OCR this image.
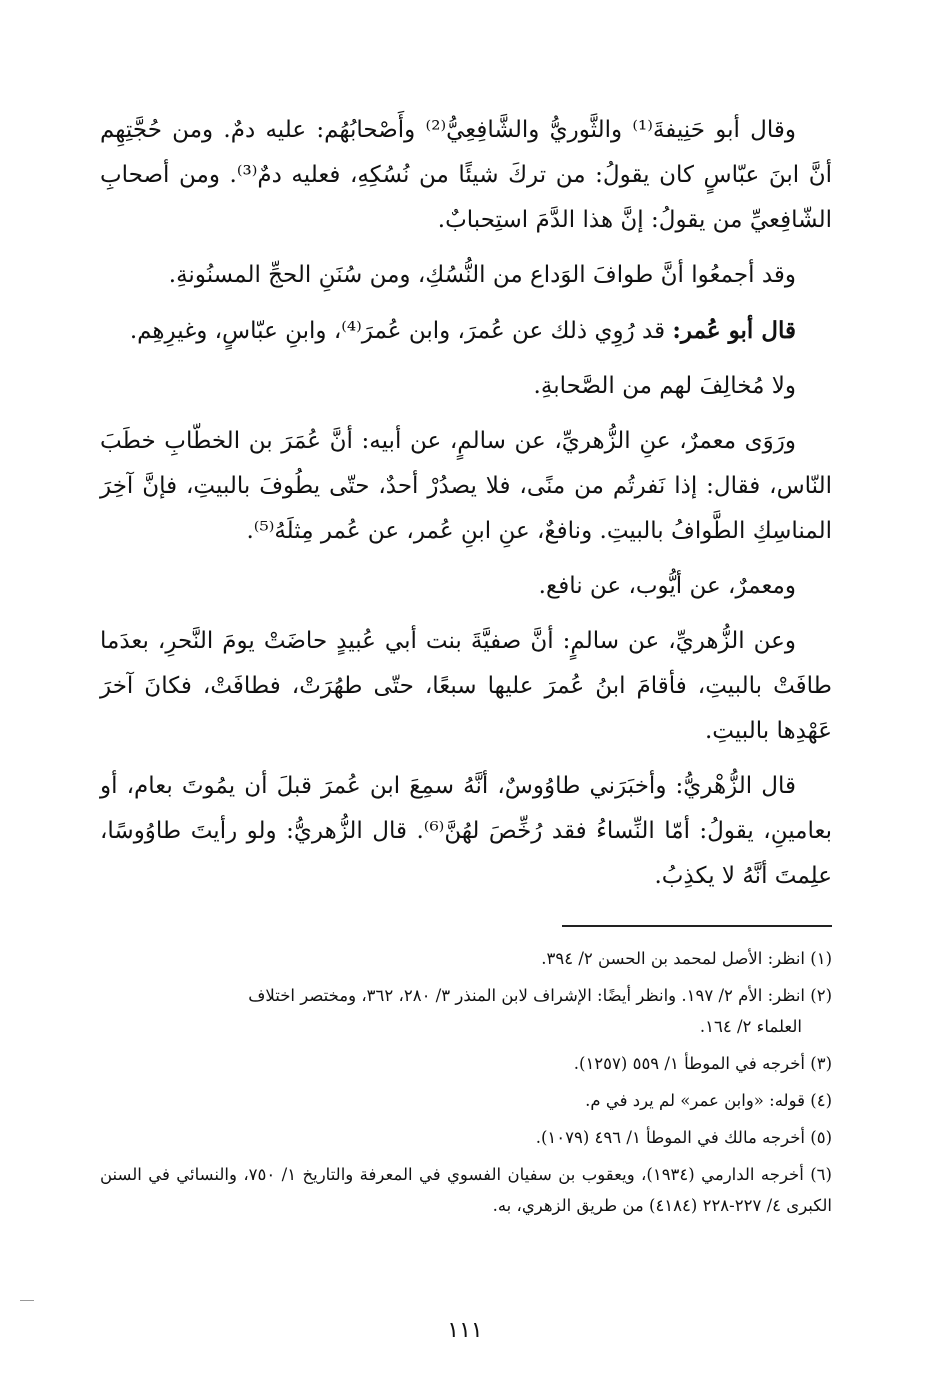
وقال أبو حَنِيفةَ⁽¹⁾ والثَّوريُّ والشَّافِعِيُّ⁽²⁾ وأَصْحابُهُم: عليه دمٌ. ومن حُجَّتِهِم أنَّ ابنَ عبّاسٍ كان يقولُ: من تركَ شيئًا من نُسُكِهِ، فعليه دمٌ⁽³⁾. ومن أصحابِ الشّافِعيِّ من يقولُ: إنَّ هذا الدَّمَ استِحبابٌ.

وقد أجمعُوا أنَّ طوافَ الوَداع من النُّسُكِ، ومن سُنَنِ الحجِّ المسنُونةِ.

قال أبو عُمر: قد رُوِي ذلك عن عُمرَ، وابن عُمرَ⁽⁴⁾، وابنِ عبّاسٍ، وغيرِهِم.

ولا مُخالِفَ لهم من الصَّحابةِ.

ورَوَى معمرٌ، عنِ الزُّهريِّ، عن سالمٍ، عن أبيه: أنَّ عُمَرَ بن الخطّابِ خطَبَ النّاس، فقال: إذا نَفرتُم من منًى، فلا يصدُرْ أحدٌ، حتّى يطُوفَ بالبيتِ، فإنَّ آخِرَ المناسِكِ الطَّوافُ بالبيتِ. ونافعٌ، عنِ ابنِ عُمر، عن عُمر مِثلَهُ⁽⁵⁾.

ومعمرٌ، عن أيُّوب، عن نافع.

وعن الزُّهريِّ، عن سالمٍ: أنَّ صفيَّةَ بنت أبي عُبيدٍ حاضَتْ يومَ النَّحرِ، بعدَما طافَتْ بالبيتِ، فأقامَ ابنُ عُمرَ عليها سبعًا، حتّى طهُرَتْ، فطافَتْ، فكانَ آخرَ عَهْدِها بالبيتِ.

قال الزُّهْريُّ: وأخبَرَني طاوُوسٌ، أنَّهُ سمِعَ ابن عُمرَ قبلَ أن يمُوتَ بعام، أو بعامينِ، يقولُ: أمّا النِّساءُ فقد رُخِّصَ لهُنَّ⁽⁶⁾. قال الزُّهريُّ: ولو رأيتَ طاوُوسًا، علِمتَ أنَّهُ لا يكذِبُ.

(١) انظر: الأصل لمحمد بن الحسن ٢/ ٣٩٤.

(٢) انظر: الأم ٢/ ١٩٧. وانظر أيضًا: الإشراف لابن المنذر ٣/ ٢٨٠، ٣٦٢، ومختصر اختلاف

العلماء ٢/ ١٦٤.

(٣) أخرجه في الموطأ ١/ ٥٥٩ (١٢٥٧).

(٤) قوله: «وابن عمر» لم يرد في م.

(٥) أخرجه مالك في الموطأ ١/ ٤٩٦ (١٠٧٩).

(٦) أخرجه الدارمي (١٩٣٤)، ويعقوب بن سفيان الفسوي في المعرفة والتاريخ ١/ ٧٥٠، والنسائي في السنن الكبرى ٤/ ٢٢٧-٢٢٨ (٤١٨٤) من طريق الزهري، به.

١١١
